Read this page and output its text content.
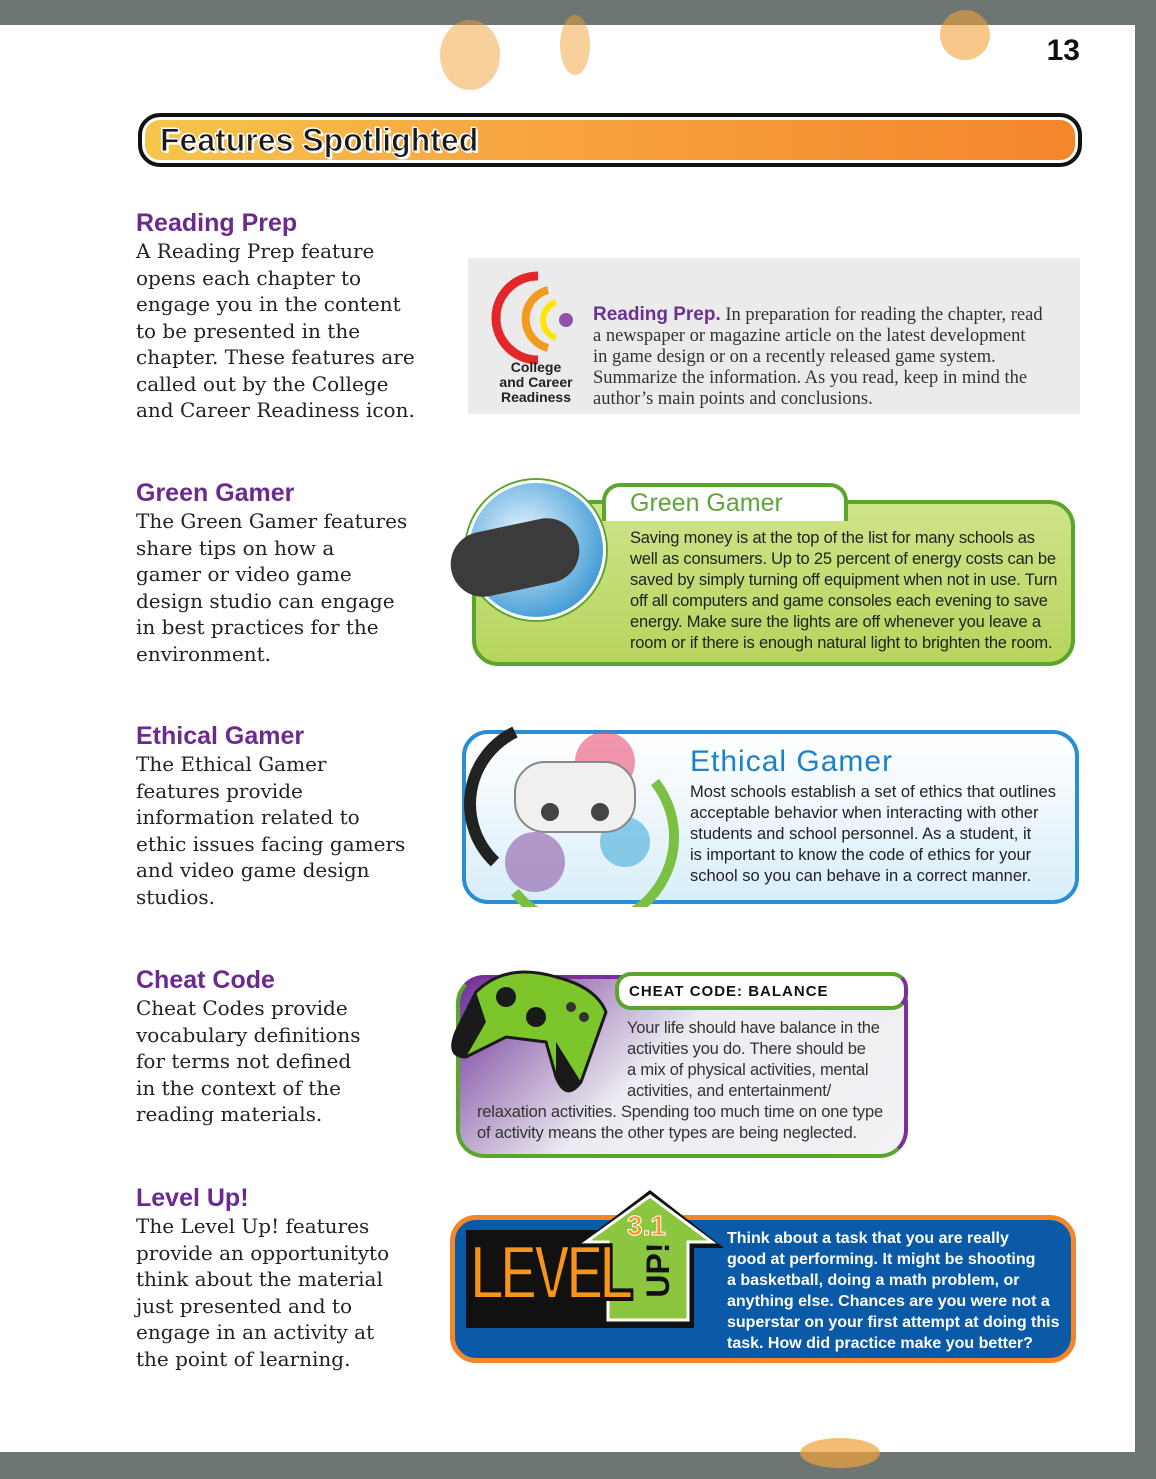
13
Features Spotlighted
Reading Prep

A Reading Prep feature
opens each chapter to
engage you in the content
to be presented in the
chapter. These features are
called out by the College
and Career Readiness icon.

Green Gamer

The Green Gamer features
share tips on how a
gamer or video game
design studio can engage
in best practices for the
environment.

Ethical Gamer

The Ethical Gamer
features provide
information related to
ethic issues facing gamers
and video game design
studios.

Cheat Code

Cheat Codes provide
vocabulary definitions
for terms not defined
in the context of the
reading materials.

Level Up!

The Level Up! features
provide an opportunityto
think about the material
just presented and to
engage in an activity at
the point of learning.

College
and Career
Readiness
Reading Prep. In preparation for reading the chapter, read
a newspaper or magazine article on the latest development
in game design or on a recently released game system.
Summarize the information. As you read, keep in mind the
author’s main points and conclusions.
Green Gamer
Saving money is at the top of the list for many schools as
well as consumers. Up to 25 percent of energy costs can be
saved by simply turning off equipment when not in use. Turn
off all computers and game consoles each evening to save
energy. Make sure the lights are off whenever you leave a
room or if there is enough natural light to brighten the room.
Ethical Gamer
Most schools establish a set of ethics that outlines
acceptable behavior when interacting with other
students and school personnel. As a student, it
is important to know the code of ethics for your
school so you can behave in a correct manner.
CHEAT CODE: BALANCE
Your life should have balance in the
activities you do. There should be
a mix of physical activities, mental
activities, and entertainment/
relaxation activities. Spending too much time on one type
of activity means the other types are being neglected.
LEVEL
3.1
UP!
Think about a task that you are really
good at performing. It might be shooting
a basketball, doing a math problem, or
anything else. Chances are you were not a
superstar on your first attempt at doing this
task. How did practice make you better?
